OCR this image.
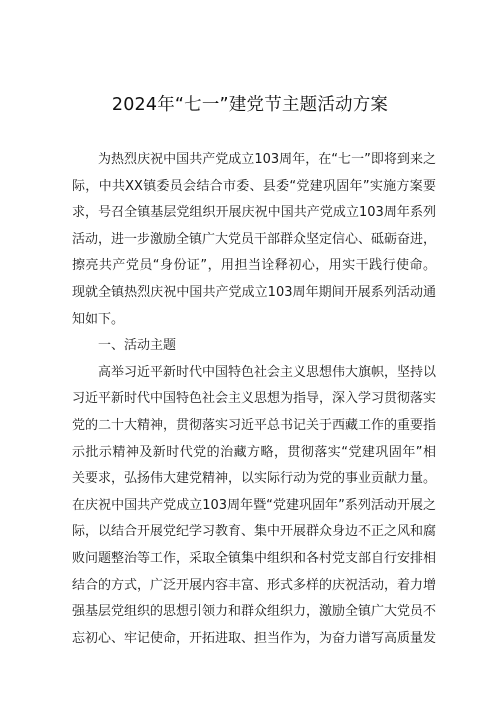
2024年“七一”建党节主题活动方案

为热烈庆祝中国共产党成立103周年，在“七一”即将到来之际，中共XX镇委员会结合市委、县委“党建巩固年”实施方案要求，号召全镇基层党组织开展庆祝中国共产党成立103周年系列活动，进一步激励全镇广大党员干部群众坚定信心、砥砺奋进，擦亮共产党员“身份证”，用担当诠释初心，用实干践行使命。现就全镇热烈庆祝中国共产党成立103周年期间开展系列活动通知如下。

一、活动主题

高举习近平新时代中国特色社会主义思想伟大旗帜，坚持以习近平新时代中国特色社会主义思想为指导，深入学习贯彻落实党的二十大精神，贯彻落实习近平总书记关于西藏工作的重要指示批示精神及新时代党的治藏方略，贯彻落实“党建巩固年”相关要求，弘扬伟大建党精神，以实际行动为党的事业贡献力量。

在庆祝中国共产党成立103周年暨“党建巩固年”系列活动开展之际，以结合开展党纪学习教育、集中开展群众身边不正之风和腐败问题整治等工作，采取全镇集中组织和各村党支部自行安排相结合的方式，广泛开展内容丰富、形式多样的庆祝活动，着力增强基层党组织的思想引领力和群众组织力，激励全镇广大党员不忘初心、牢记使命，开拓进取、担当作为，为奋力谱写高质量发
